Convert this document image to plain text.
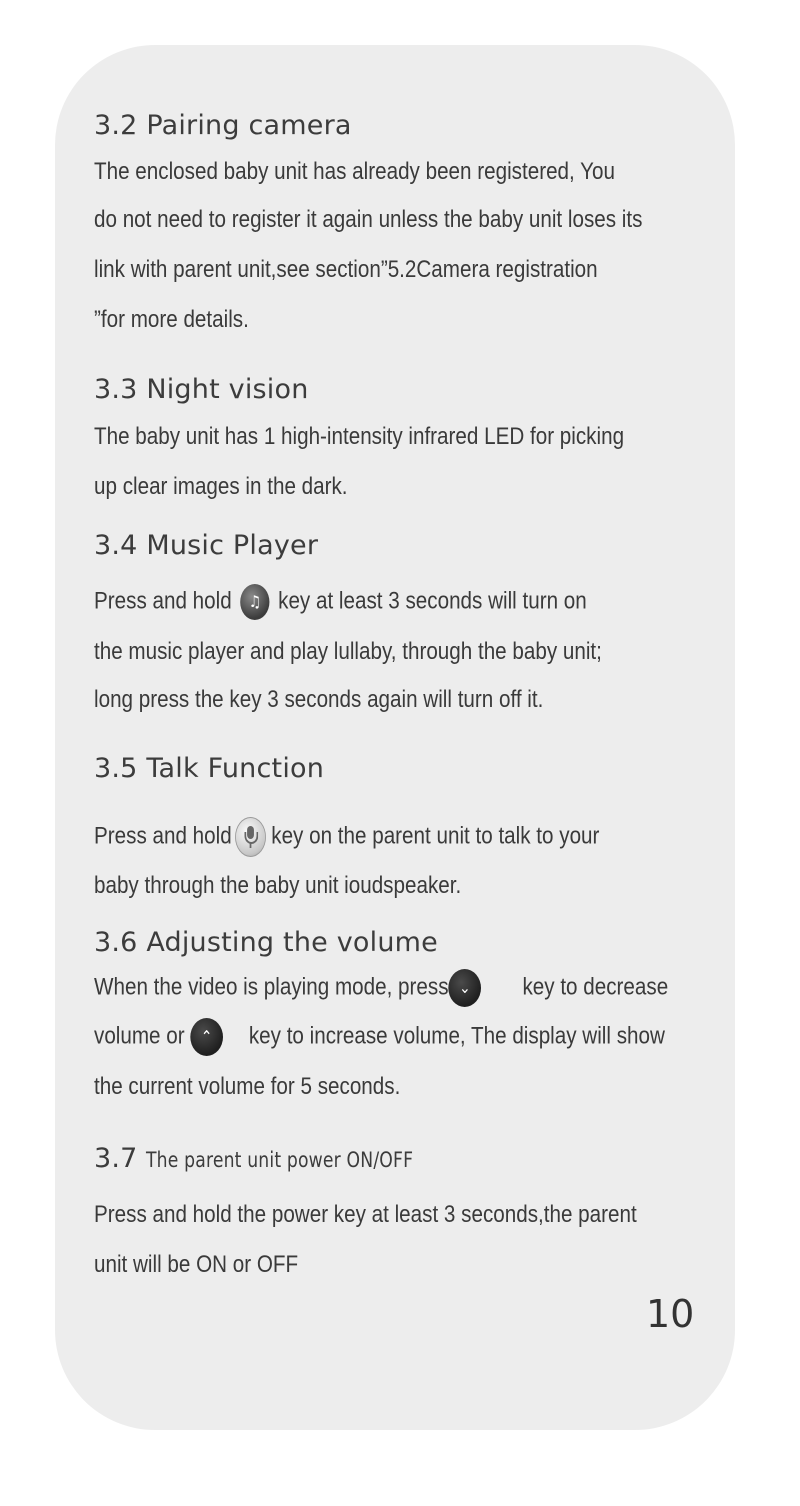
3.2 Pairing camera
The enclosed baby unit has already been registered, You
do not need to register it again unless the baby unit loses its
link with parent unit,see section”5.2Camera registration
”for more details.
3.3 Night vision
The baby unit has 1 high-intensity infrared LED for picking
up clear images in the dark.
3.4 Music Player
Press and hold ♫ key at least 3 seconds will turn on
the music player and play lullaby, through the baby unit;
long press the key 3 seconds again will turn off it.
3.5 Talk Function
Press and hold key on the parent unit to talk to your
baby through the baby unit ioudspeaker.
3.6 Adjusting the volume
When the video is playing mode, press ⌄ key to decrease
volume or ⌃ key to increase volume, The display will show
the current volume for 5 seconds.
3.7 The parent unit power ON/OFF
Press and hold the power key at least 3 seconds,the parent
unit will be ON or OFF
10
